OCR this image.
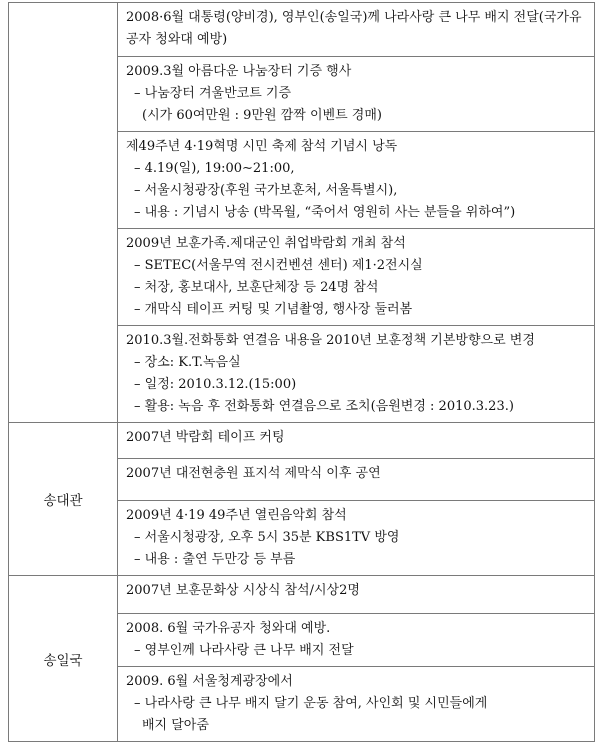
	2008·6월 대통령(양비경), 영부인(송일국)께 나라사랑 큰 나무 배지 전달(국가유공자 청와대 예방)

	2009.3월 아름다운 나눔장터 기증 행사
– 나눔장터 겨울반코트 기증
(시가 60여만원 : 9만원 깜짝 이벤트 경매)

	제49주년 4·19혁명 시민 축제 참석 기념시 낭독
– 4.19(일), 19:00∼21:00,
– 서울시청광장(후원 국가보훈처, 서울특별시),
– 내용 : 기념시 낭송 (박목월, “죽어서 영원히 사는 분들을 위하여”)

	2009년 보훈가족.제대군인 취업박람회 개최 참석
– SETEC(서울무역 전시컨벤션 센터) 제1·2전시실
– 처장, 홍보대사, 보훈단체장 등 24명 참석
– 개막식 테이프 커팅 및 기념촬영, 행사장 둘러봄

	2010.3월.전화통화 연결음 내용을 2010년 보훈정책 기본방향으로 변경
– 장소: K.T.녹음실
– 일정: 2010.3.12.(15:00)
– 활용: 녹음 후 전화통화 연결음으로 조치(음원변경 : 2010.3.23.)

송대관	2007년 박람회 테이프 커팅

	2007년 대전현충원 표지석 제막식 이후 공연

	2009년 4·19 49주년 열린음악회 참석
– 서울시청광장, 오후 5시 35분 KBS1TV 방영
– 내용 : 출연 두만강 등 부름

송일국	2007년 보훈문화상 시상식 참석/시상2명

	2008. 6월 국가유공자 청와대 예방.
– 영부인께 나라사랑 큰 나무 배지 전달

	2009. 6월 서울청계광장에서
– 나라사랑 큰 나무 배지 달기 운동 참여, 사인회 및 시민들에게
배지 달아줌
